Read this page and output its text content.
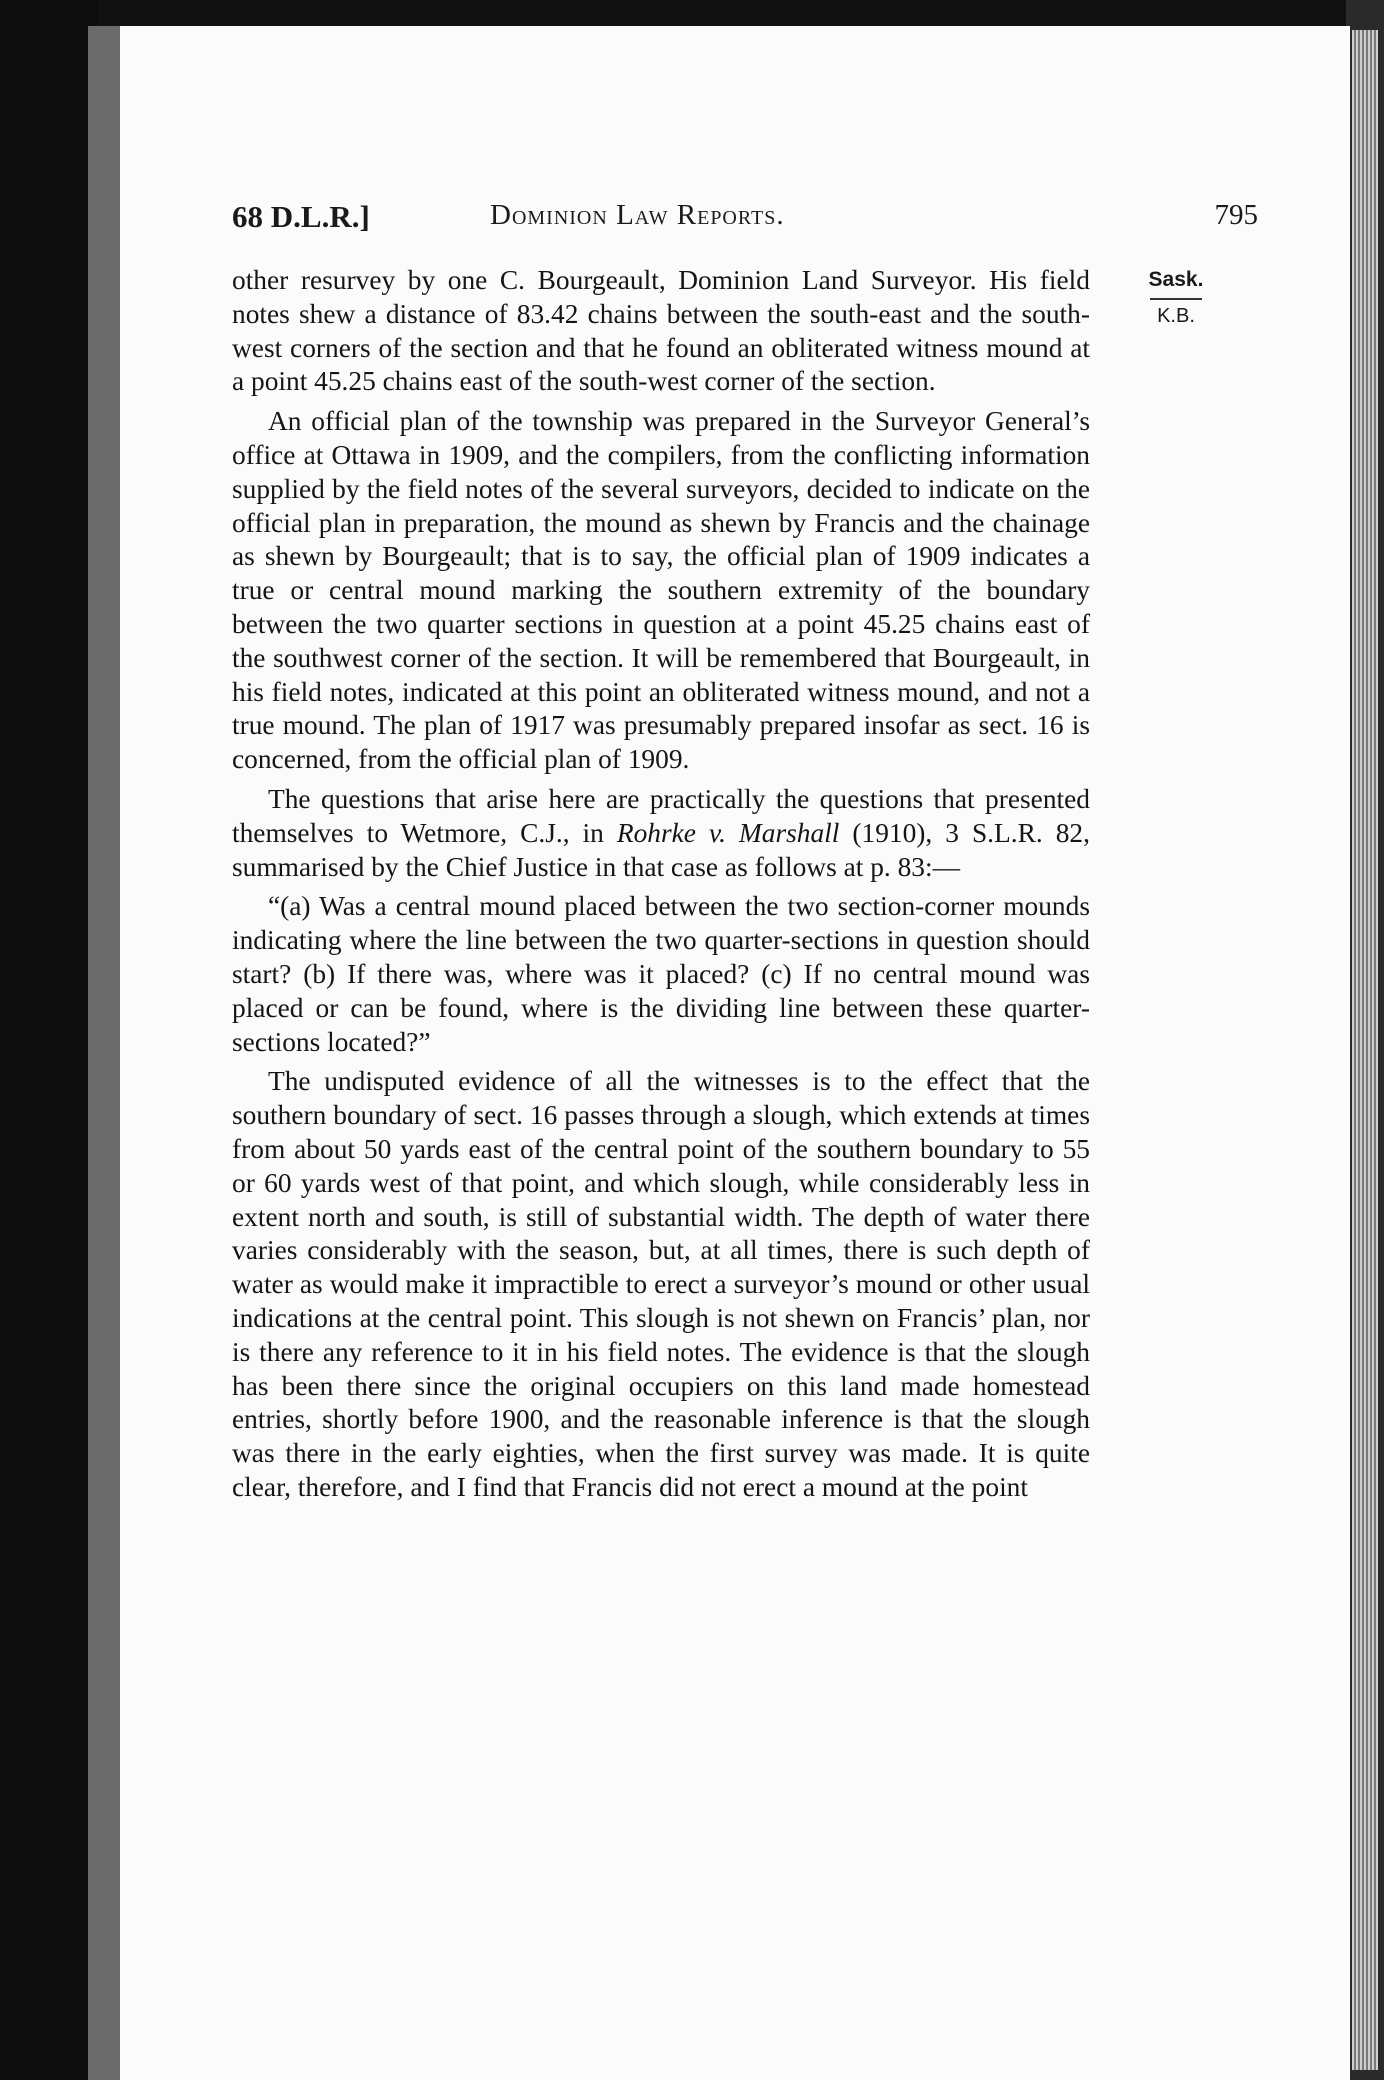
68 D.L.R.]	Dominion Law Reports.	795
Sask.
K.B.

other resurvey by one C. Bourgeault, Dominion Land Surveyor. His field notes shew a distance of 83.42 chains between the south-east and the south-west corners of the section and that he found an obliterated witness mound at a point 45.25 chains east of the south-west corner of the section.

An official plan of the township was prepared in the Surveyor General’s office at Ottawa in 1909, and the compilers, from the conflicting information supplied by the field notes of the several surveyors, decided to indicate on the official plan in preparation, the mound as shewn by Francis and the chainage as shewn by Bourgeault; that is to say, the official plan of 1909 indicates a true or central mound marking the southern extremity of the boundary between the two quarter sections in question at a point 45.25 chains east of the southwest corner of the section. It will be remembered that Bourgeault, in his field notes, indicated at this point an obliterated witness mound, and not a true mound. The plan of 1917 was presumably prepared insofar as sect. 16 is concerned, from the official plan of 1909.

The questions that arise here are practically the questions that presented themselves to Wetmore, C.J., in Rohrke v. Marshall (1910), 3 S.L.R. 82, summarised by the Chief Justice in that case as follows at p. 83:—

“(a) Was a central mound placed between the two section-corner mounds indicating where the line between the two quarter-sections in question should start? (b) If there was, where was it placed? (c) If no central mound was placed or can be found, where is the dividing line between these quarter-sections located?”

The undisputed evidence of all the witnesses is to the effect that the southern boundary of sect. 16 passes through a slough, which extends at times from about 50 yards east of the central point of the southern boundary to 55 or 60 yards west of that point, and which slough, while considerably less in extent north and south, is still of substantial width. The depth of water there varies considerably with the season, but, at all times, there is such depth of water as would make it impractible to erect a surveyor’s mound or other usual indications at the central point. This slough is not shewn on Francis’ plan, nor is there any reference to it in his field notes. The evidence is that the slough has been there since the original occupiers on this land made homestead entries, shortly before 1900, and the reasonable inference is that the slough was there in the early eighties, when the first survey was made. It is quite clear, therefore, and I find that Francis did not erect a mound at the point
